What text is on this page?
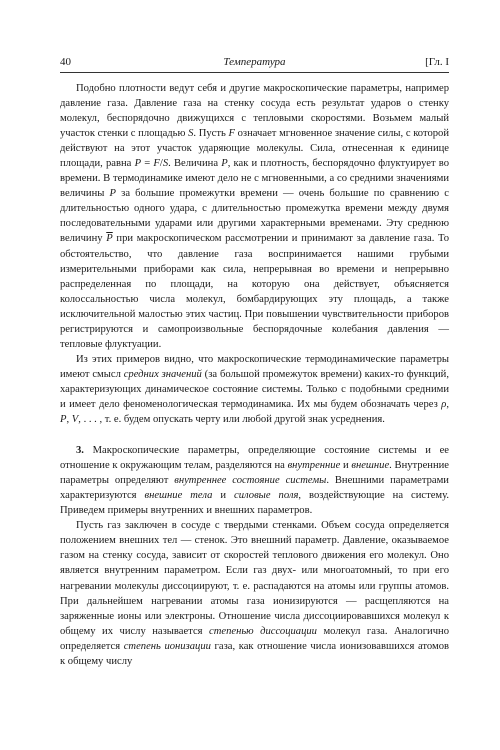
40	Температура	[Гл. I

Подобно плотности ведут себя и другие макроскопические параметры, например давление газа. Давление газа на стенку сосуда есть результат ударов о стенку молекул, беспорядочно движущихся с тепловыми скоростями. Возьмем малый участок стенки с площадью S. Пусть F означает мгновенное значение силы, с которой действуют на этот участок ударяющие молекулы. Сила, отнесенная к единице площади, равна P = F/S. Величина P, как и плотность, беспорядочно флуктуирует во времени. В термодинамике имеют дело не с мгновенными, а со средними значениями величины P за большие промежутки времени — очень большие по сравнению с длительностью одного удара, с длительностью промежутка времени между двумя последовательными ударами или другими характерными временами. Эту среднюю величину $\overline{P}$ при макроскопическом рассмотрении и принимают за давление газа. То обстоятельство, что давление газа воспринимается нашими грубыми измерительными приборами как сила, непрерывная во времени и непрерывно распределенная по площади, на которую она действует, объясняется колоссальностью числа молекул, бомбардирующих эту площадь, а также исключительной малостью этих частиц. При повышении чувствительности приборов регистрируются и самопроизвольные беспорядочные колебания давления — тепловые флуктуации.

Из этих примеров видно, что макроскопические термодинамические параметры имеют смысл средних значений (за большой промежуток времени) каких-то функций, характеризующих динамическое состояние системы. Только с подобными средними и имеет дело феноменологическая термодинамика. Их мы будем обозначать через ρ, P, V, . . . , т. е. будем опускать черту или любой другой знак усреднения.

3. Макроскопические параметры, определяющие состояние системы и ее отношение к окружающим телам, разделяются на внутренние и внешние. Внутренние параметры определяют внутреннее состояние системы. Внешними параметрами характеризуются внешние тела и силовые поля, воздействующие на систему. Приведем примеры внутренних и внешних параметров.

Пусть газ заключен в сосуде с твердыми стенками. Объем сосуда определяется положением внешних тел — стенок. Это внешний параметр. Давление, оказываемое газом на стенку сосуда, зависит от скоростей теплового движения его молекул. Оно является внутренним параметром. Если газ двух- или многоатомный, то при его нагревании молекулы диссоциируют, т. е. распадаются на атомы или группы атомов. При дальнейшем нагревании атомы газа ионизируются — расщепляются на заряженные ионы или электроны. Отношение числа диссоциировавшихся молекул к общему их числу называется степенью диссоциации молекул газа. Аналогично определяется степень ионизации газа, как отношение числа ионизовавшихся атомов к общему числу
